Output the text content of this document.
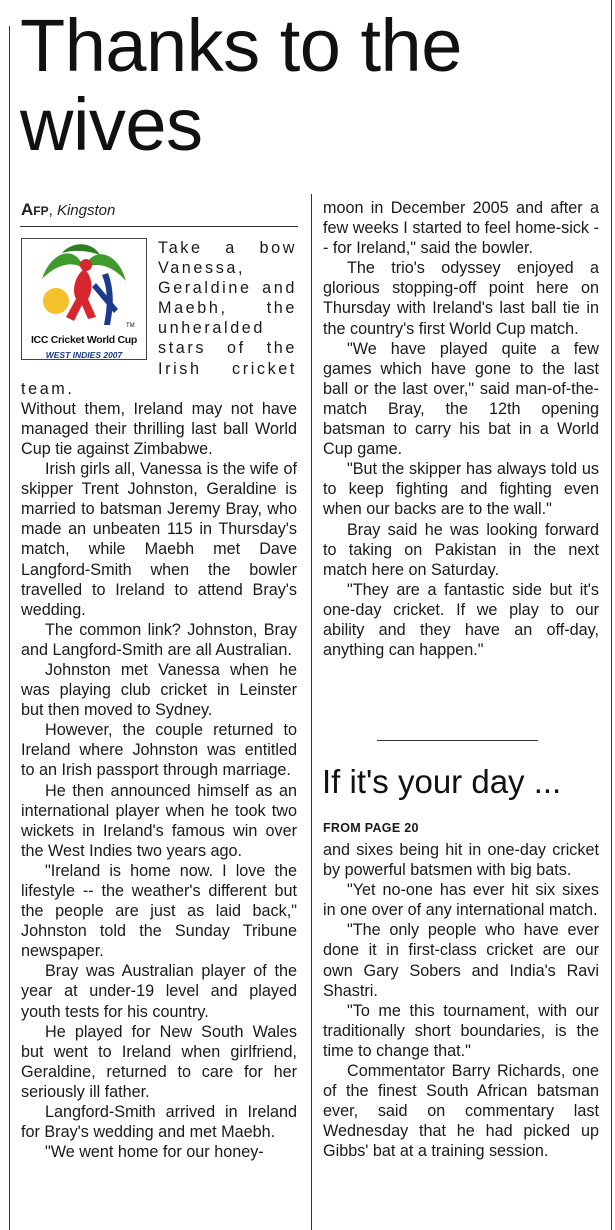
Thanks to the wives

Afp, Kingston

TM
ICC Cricket World Cup
WEST INDIES 2007

Take a bow Vanessa, Geraldine and Maebh, the unheralded stars of the Irish cricket team.

Without them, Ireland may not have managed their thrilling last ball World Cup tie against Zimbabwe.

Irish girls all, Vanessa is the wife of skipper Trent Johnston, Geraldine is married to batsman Jeremy Bray, who made an unbeaten 115 in Thursday's match, while Maebh met Dave Langford-Smith when the bowler travelled to Ireland to attend Bray's wedding.

The common link? Johnston, Bray and Langford-Smith are all Australian.

Johnston met Vanessa when he was playing club cricket in Leinster but then moved to Sydney.

However, the couple returned to Ireland where Johnston was entitled to an Irish passport through marriage.

He then announced himself as an international player when he took two wickets in Ireland's famous win over the West Indies two years ago.

"Ireland is home now. I love the lifestyle -- the weather's different but the people are just as laid back," Johnston told the Sunday Tribune newspaper.

Bray was Australian player of the year at under-19 level and played youth tests for his country.

He played for New South Wales but went to Ireland when girlfriend, Geraldine, returned to care for her seriously ill father.

Langford-Smith arrived in Ireland for Bray's wedding and met Maebh.

"We went home for our honey-

moon in December 2005 and after a few weeks I started to feel home-sick -- for Ireland," said the bowler.

The trio's odyssey enjoyed a glorious stopping-off point here on Thursday with Ireland's last ball tie in the country's first World Cup match.

"We have played quite a few games which have gone to the last ball or the last over," said man-of-the-match Bray, the 12th opening batsman to carry his bat in a World Cup game.

"But the skipper has always told us to keep fighting and fighting even when our backs are to the wall."

Bray said he was looking forward to taking on Pakistan in the next match here on Saturday.

"They are a fantastic side but it's one-day cricket. If we play to our ability and they have an off-day, anything can happen."

If it's your day ...

FROM PAGE 20

and sixes being hit in one-day cricket by powerful batsmen with big bats.

"Yet no-one has ever hit six sixes in one over of any international match.

"The only people who have ever done it in first-class cricket are our own Gary Sobers and India's Ravi Shastri.

"To me this tournament, with our traditionally short boundaries, is the time to change that."

Commentator Barry Richards, one of the finest South African batsman ever, said on commentary last Wednesday that he had picked up Gibbs' bat at a training session.
